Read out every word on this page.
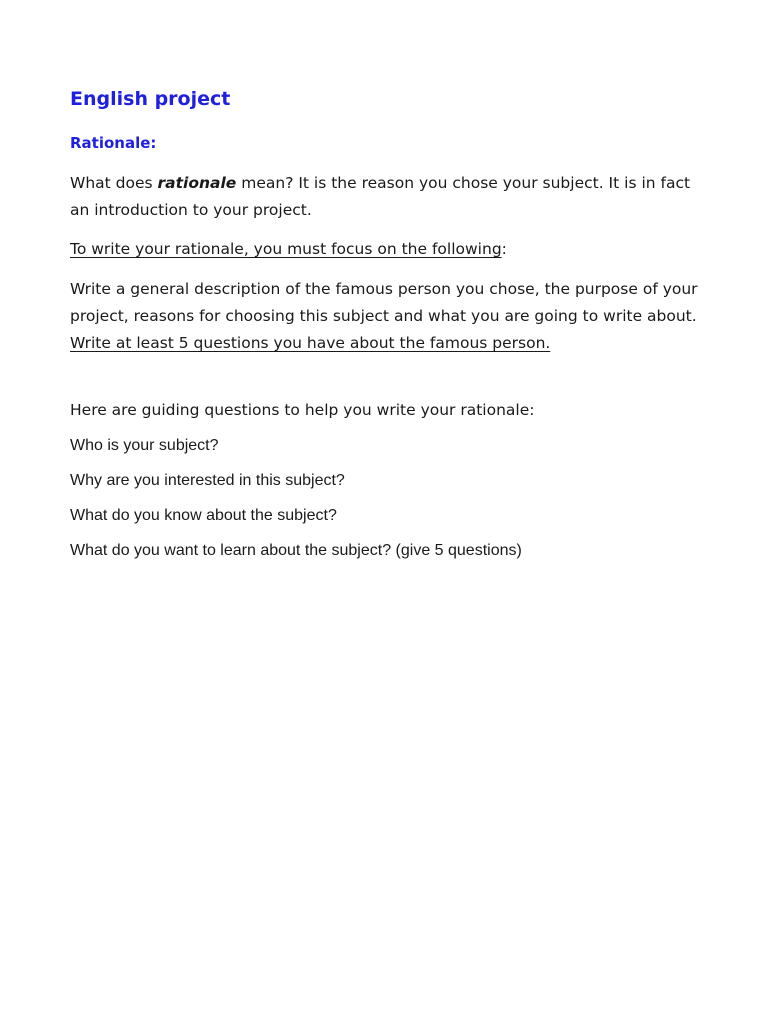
English project
Rationale:

What does rationale mean? It is the reason you chose your subject. It is in fact an introduction to your project.

To write your rationale, you must focus on the following:

Write a general description of the famous person you chose, the purpose of your project, reasons for choosing this subject and what you are going to write about. Write at least 5 questions you have about the famous person.

Here are guiding questions to help you write your rationale:

Who is your subject?

Why are you interested in this subject?

What do you know about the subject?

What do you want to learn about the subject? (give 5 questions)
